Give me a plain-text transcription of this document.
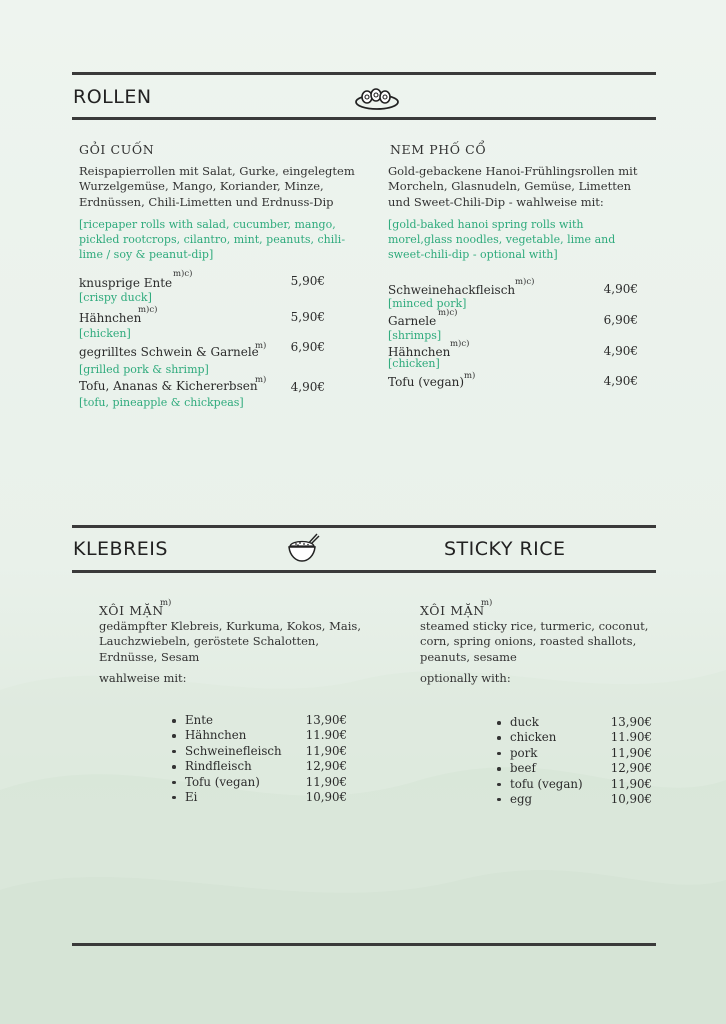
ROLLEN
GỎI CUỐN
Reispapierrollen mit Salat, Gurke, eingelegtem Wurzelgemüse, Mango, Koriander, Minze, Erdnüssen, Chili-Limetten und Erdnuss-Dip
[ricepaper rolls with salad, cucumber, mango, pickled rootcrops, cilantro, mint, peanuts, chili-lime / soy & peanut-dip]
knusprige Ente
m)c)	5,90€
[crispy duck]
Hähnchen
m)c)	5,90€
[chicken]
gegrilltes Schwein & Garnele
m)	6,90€
[grilled pork & shrimp]
Tofu, Ananas & Kichererbsen
m)	4,90€
[tofu, pineapple & chickpeas]
NEM PHỐ CỔ
Gold-gebackene Hanoi-Frühlingsrollen mit Morcheln, Glasnudeln, Gemüse, Limetten und Sweet-Chili-Dip - wahlweise mit:
[gold-baked hanoi spring rolls with morel,glass noodles, vegetable, lime and sweet-chili-dip - optional with]
Schweinehackfleisch
m)c)	4,90€
[minced pork]
Garnele
m)c)	6,90€
[shrimps]
Hähnchen
m)c)	4,90€
[chicken]
Tofu (vegan) m)	4,90€
KLEBREIS	STICKY RICE
XÔI MẶN
m)
gedämpfter Klebreis, Kurkuma, Kokos, Mais, Lauchzwiebeln, geröstete Schalotten, Erdnüsse, Sesam
wahlweise mit:
Ente	13,90€
Hähnchen	11.90€
Schweinefleisch 11,90€
Rindfleisch	12,90€
Tofu (vegan)	11,90€
Ei	10,90€
XÔI MẶN
m)
steamed sticky rice, turmeric, coconut, corn, spring onions, roasted shallots, peanuts, sesame
optionally with:
duck	13,90€
chicken	11.90€
pork	11,90€
beef	12,90€
tofu (vegan) 11,90€
egg	10,90€
